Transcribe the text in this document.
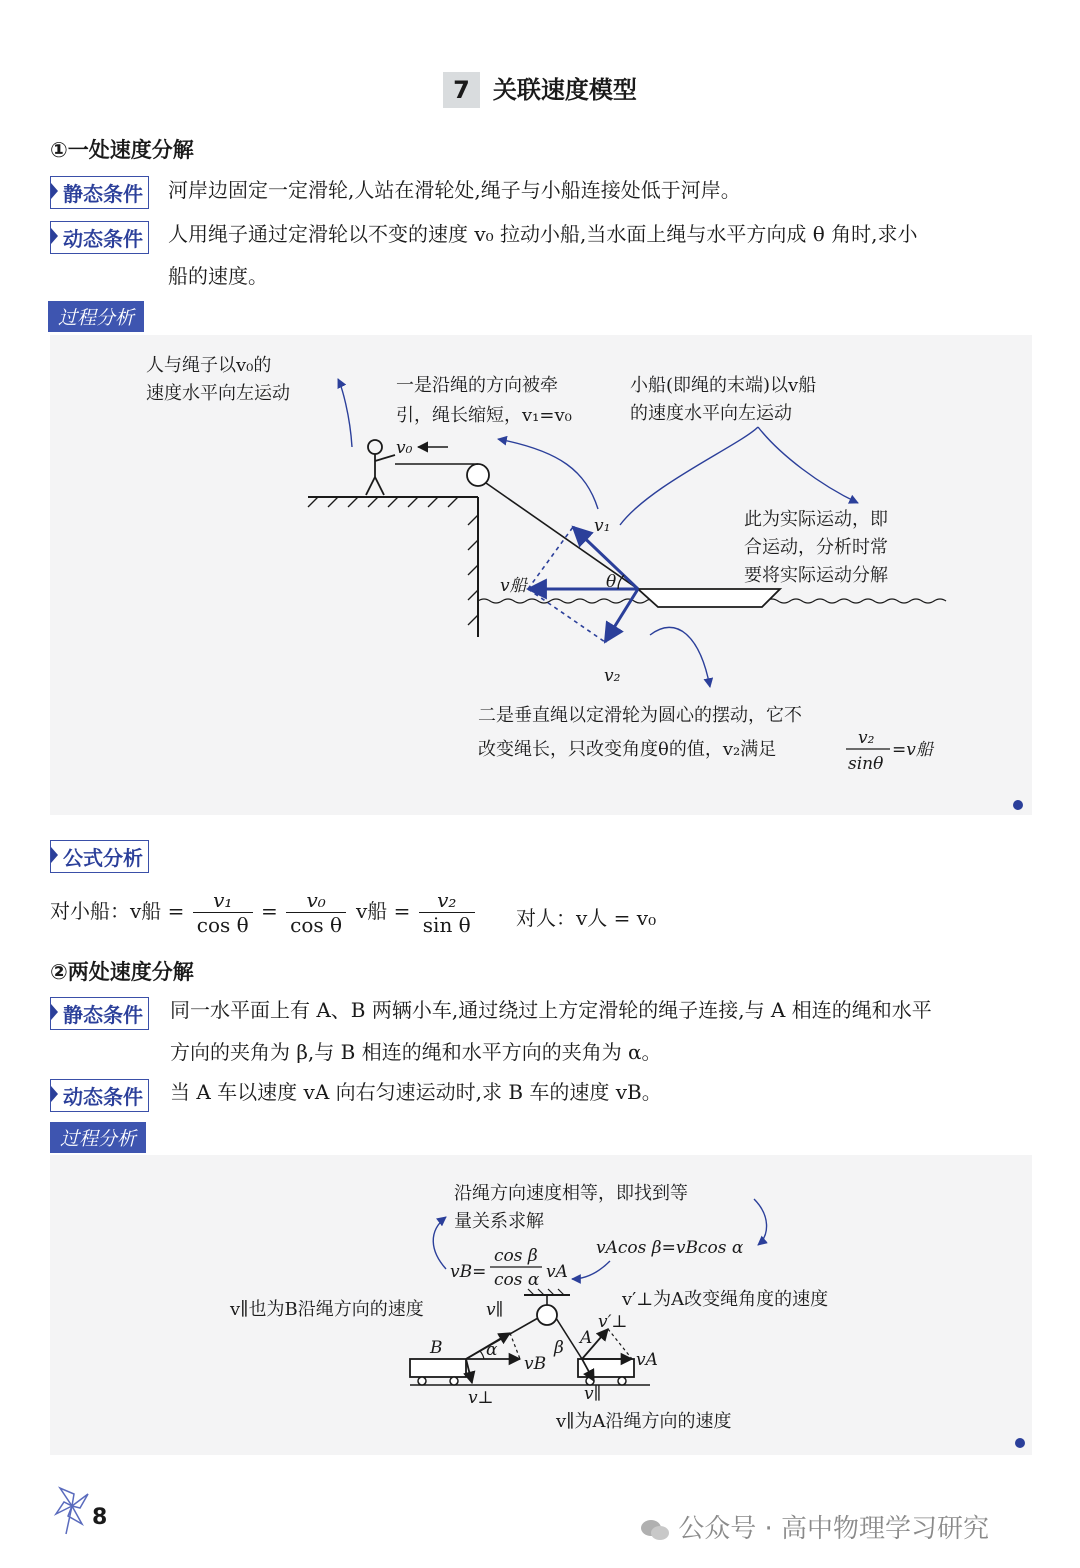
7 关联速度模型
①一处速度分解
静态条件	河岸边固定一定滑轮,人站在滑轮处,绳子与小船连接处低于河岸。
动态条件	人用绳子通过定滑轮以不变的速度 v₀ 拉动小船,当水面上绳与水平方向成 θ 角时,求小
船的速度。
过程分析
v₀
θ
v₁
v船
v₂
人与绳子以v₀的
速度水平向左运动	一是沿绳的方向被牵
引，绳长缩短，v₁=v₀
小船(即绳的末端)以v船
的速度水平向左运动
此为实际运动，即
合运动，分析时常
要将实际运动分解
二是垂直绳以定滑轮为圆心的摆动，它不
改变绳长，只改变角度θ的值，v₂满足
v₂
sinθ
=v船
公式分析
对小船：v船 = $\frac{\text{v₁}}{\text{cos θ}} = \frac{\text{v₀}}{\text{cos θ}}$ v船 = $\frac{\text{v₂}}{\text{sin θ}}$ 对人：v人 = v₀
②两处速度分解
静态条件	同一水平面上有 A、B 两辆小车,通过绕过上方定滑轮的绳子连接,与 A 相连的绳和水平
方向的夹角为 β,与 B 相连的绳和水平方向的夹角为 α。
动态条件	当 A 车以速度 vA 向右匀速运动时,求 B 车的速度 vB。
过程分析
B	A
α	β
vB
v∥
v⊥
vA
v′⊥
v∥
沿绳方向速度相等，即找到等
量关系求解
vAcos β=vBcos α
vB=
cos β
cos α vA
v∥也为B沿绳方向的速度	v′⊥为A改变绳角度的速度
v∥为A沿绳方向的速度
8	公众号 · 高中物理学习研究
